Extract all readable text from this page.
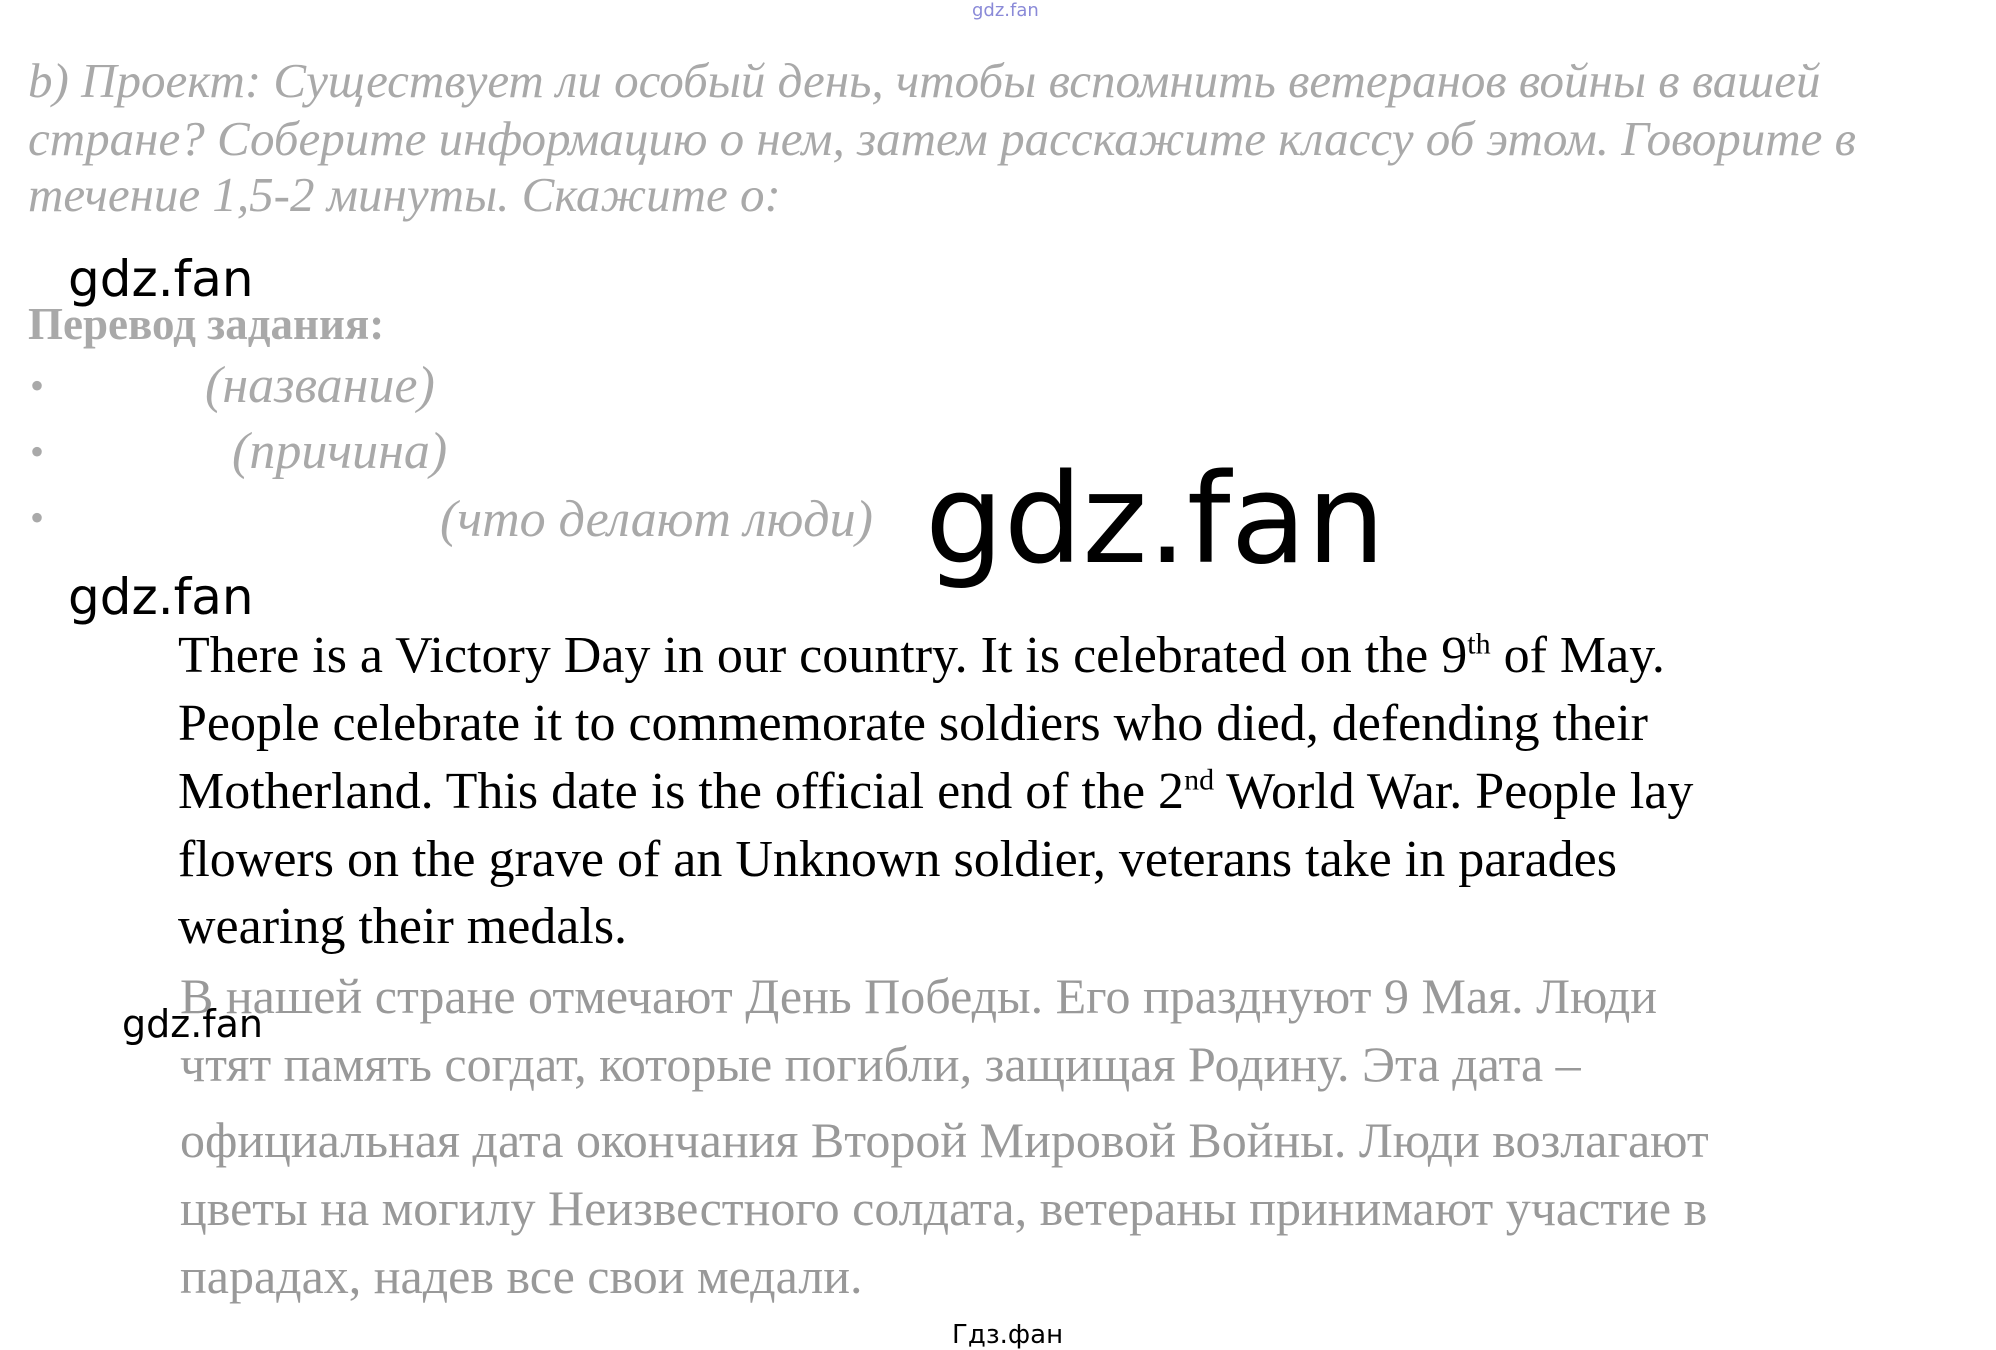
gdz.fan
b) Проект: Существует ли особый день, чтобы вспомнить ветеранов войны в вашей
стране? Соберите информацию о нем, затем расскажите классу об этом. Говорите в
течение 1,5-2 минуты. Скажите о:
Перевод задания:
•	(название)
•	(причина)
•	(что делают люди)
gdz.fan
gdz.fan
gdz.fan
There is a Victory Day in our country. It is celebrated on the 9th of May.
People celebrate it to commemorate soldiers who died, defending their
Motherland. This date is the official end of the 2nd World War. People lay
flowers on the grave of an Unknown soldier, veterans take in parades
wearing their medals.
В нашей стране отмечают День Победы. Его празднуют 9 Мая. Люди
чтят память согдат, которые погибли, защищая Родину. Эта дата –
официальная дата окончания Второй Мировой Войны. Люди возлагают
цветы на могилу Неизвестного солдата, ветераны принимают участие в
парадах, надев все свои медали.
gdz.fan
Гдз.фан
